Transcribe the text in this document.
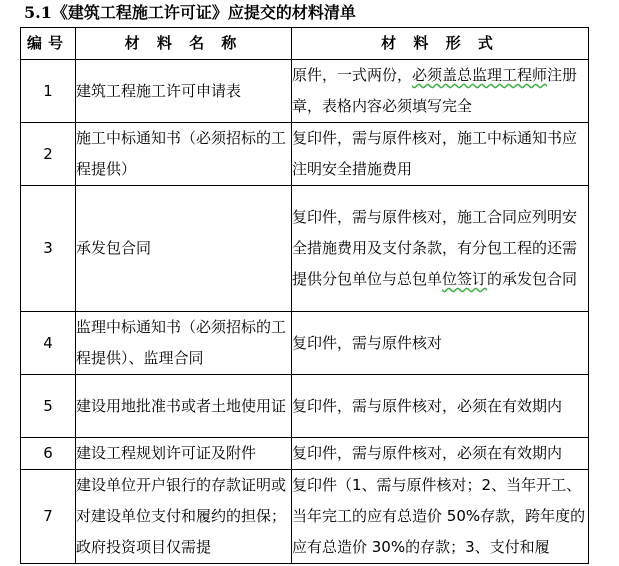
5.1《建筑工程施工许可证》应提交的材料清单
编号	材 料 名 称	材 料 形 式
1	建筑工程施工许可申请表	原件，一式两份，必须盖总监理工程师注册章，表格内容必须填写完全
2	施工中标通知书（必须招标的工程提供）	复印件，需与原件核对，施工中标通知书应注明安全措施费用
3	承发包合同	复印件，需与原件核对，施工合同应列明安全措施费用及支付条款，有分包工程的还需提供分包单位与总包单位签订的承发包合同
4	监理中标通知书（必须招标的工程提供）、监理合同	复印件，需与原件核对
5	建设用地批准书或者土地使用证	复印件，需与原件核对，必须在有效期内
6	建设工程规划许可证及附件	复印件，需与原件核对，必须在有效期内
7	建设单位开户银行的存款证明或对建设单位支付和履约的担保；政府投资项目仅需提	复印件（1、需与原件核对；2、当年开工、当年完工的应有总造价 50%存款，跨年度的应有总造价 30%的存款；3、支付和履
